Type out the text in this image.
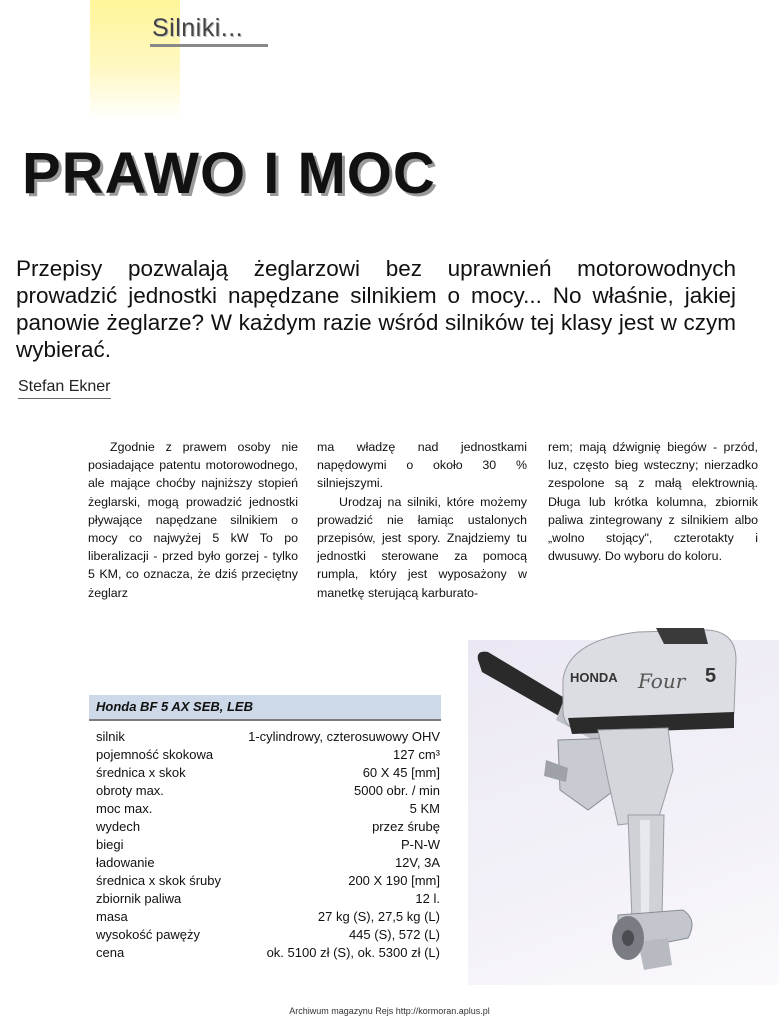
Silniki...
PRAWO I MOC
Przepisy pozwalają żeglarzowi bez uprawnień motorowodnych prowadzić jednostki napędzane silnikiem o mocy... No właśnie, jakiej panowie żeglarze? W każdym razie wśród silników tej klasy jest w czym wybierać.
Stefan Ekner

Zgodnie z prawem osoby nie posiadające patentu motorowodnego, ale mające choćby najniższy stopień żeglarski, mogą prowadzić jednostki pływające napędzane silnikiem o mocy co najwyżej 5 kW To po liberalizacji - przed było gorzej - tylko 5 KM, co oznacza, że dziś przeciętny żeglarz

ma władzę nad jednostkami napędowymi o około 30 % silniejszymi.

Urodzaj na silniki, które możemy prowadzić nie łamiąc ustalonych przepisów, jest spory. Znajdziemy tu jednostki sterowane za pomocą rumpla, który jest wyposażony w manetkę sterującą karburato-

rem; mają dźwignię biegów - przód, luz, często bieg wsteczny; nierzadko zespolone są z małą elektrownią. Długa lub krótka kolumna, zbiornik paliwa zintegrowany z silnikiem albo „wolno stojący", czterotakty i dwusuwy. Do wyboru do koloru.

HONDA Four 5
Honda BF 5 AX SEB, LEB
silnik	1-cylindrowy, czterosuwowy OHV
pojemność skokowa	127 cm³
średnica x skok	60 X 45 [mm]
obroty max.	5000 obr. / min
moc max.	5 KM
wydech	przez śrubę
biegi	P-N-W
ładowanie	12V, 3A
średnica x skok śruby	200 X 190 [mm]
zbiornik paliwa	12 l.
masa	27 kg (S), 27,5 kg (L)
wysokość pawęży	445 (S), 572 (L)
cena	ok. 5100 zł (S), ok. 5300 zł (L)
Archiwum magazynu Rejs http://kormoran.aplus.pl
